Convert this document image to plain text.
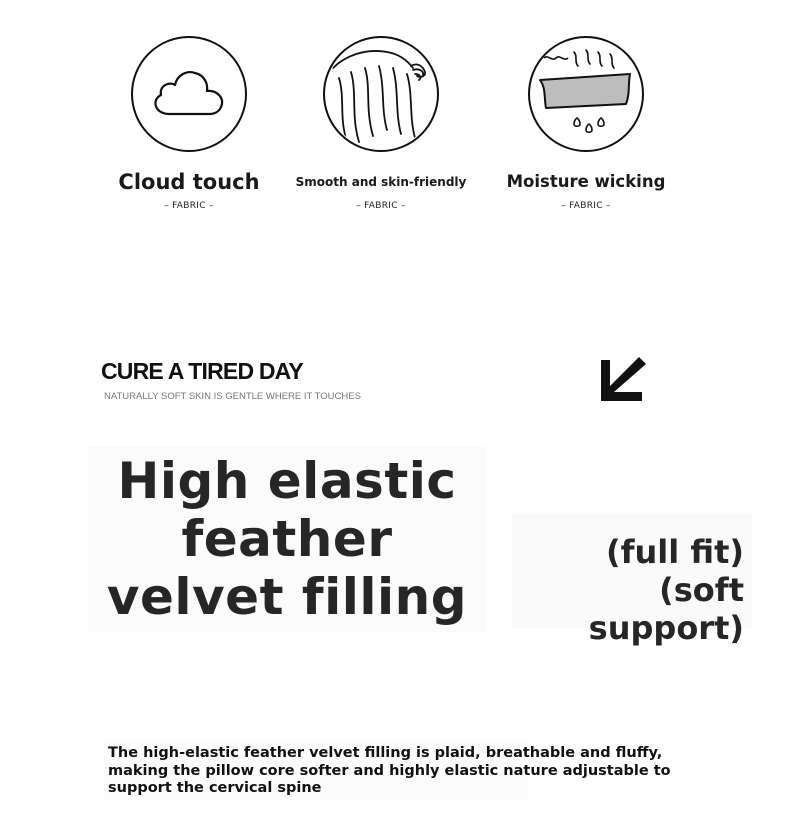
Cloud touch
– FABRIC –
Smooth and skin-friendly
– FABRIC –
Moisture wicking
– FABRIC –
CURE A TIRED DAY
NATURALLY SOFT SKIN IS GENTLE WHERE IT TOUCHES
High elastic feather velvet filling
(full fit) (soft support)
The high-elastic feather velvet filling is plaid, breathable and fluffy, making the pillow core softer and highly elastic nature adjustable to support the cervical spine
